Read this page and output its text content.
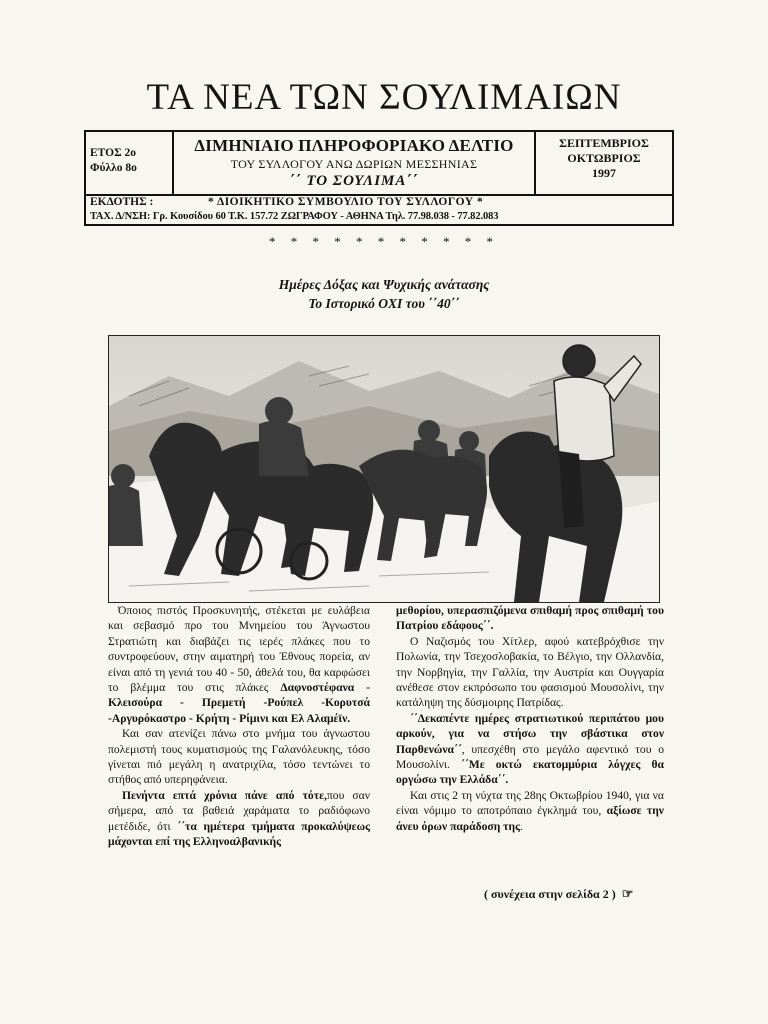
ΤΑ ΝΕΑ ΤΩΝ ΣΟΥΛΙΜΑΙΩΝ
ΕΤΟΣ 2ο
Φύλλο 8ο
ΔΙΜΗΝΙΑΙΟ ΠΛΗΡΟΦΟΡΙΑΚΟ ΔΕΛΤΙΟ
ΤΟΥ ΣΥΛΛΟΓΟΥ ΑΝΩ ΔΩΡΙΩΝ ΜΕΣΣΗΝΙΑΣ
΄΄ ΤΟ ΣΟΥΛΙΜΑ΄΄
ΣΕΠΤΕΜΒΡΙΟΣ
ΟΚΤΩΒΡΙΟΣ
1997
ΕΚΔΟΤΗΣ :	* ΔΙΟΙΚΗΤΙΚΟ ΣΥΜΒΟΥΛΙΟ ΤΟΥ ΣΥΛΛΟΓΟΥ *
ΤΑΧ. Δ/ΝΣΗ: Γρ. Κουσίδου 60 Τ.Κ. 157.72 ΖΩΓΡΑΦΟΥ - ΑΘΗΝΑ Τηλ. 77.98.038 - 77.82.083
* * * * * * * * * * *
Ημέρες Δόξας και Ψυχικής ανάτασης
Το Ιστορικό ΟΧΙ του ΄΄40΄΄

Όποιος πιστός Προσκυνητής, στέκεται με ευλάβεια και σεβασμό προ του Μνημείου του Άγνωστου Στρατιώτη και διαβάζει τις ιερές πλάκες που το συντροφεύουν, στην αιματηρή του Έθνους πορεία, αν είναι από τη γενιά του 40 - 50, άθελά του, θα καρφώσει το βλέμμα του στις πλάκες Δαφνοστέφανα - Κλεισούρα - Πρεμετή -Ρούπελ -Κορυτσά -Αργυρόκαστρο - Κρήτη - Ρίμινι και Ελ Αλαμέϊν.

Και σαν ατενίζει πάνω στο μνήμα του άγνωστου πολεμιστή τους κυματισμούς της Γαλανόλευκης, τόσο γίνεται πιό μεγάλη η ανατριχίλα, τόσο τεντώνει το στήθος από υπερηφάνεια.

Πενήντα επτά χρόνια πάνε από τότε,που σαν σήμερα, από τα βαθειά χαράματα το ραδιόφωνο μετέδιδε, ότι ΄΄τα ημέτερα τμήματα προκαλύψεως μάχονται επί της Ελληνοαλβανικής

μεθορίου, υπερασπιζόμενα σπιθαμή προς σπιθαμή του Πατρίου εδάφους΄΄.

Ο Ναζισμός του Χίτλερ, αφού κατεβρόχθισε την Πολωνία, την Τσεχοσλοβακία, το Βέλγιο, την Ολλανδία, την Νορβηγία, την Γαλλία, την Αυστρία και Ουγγαρία ανέθεσε στον εκπρόσωπο του φασισμού Μουσολίνι, την κατάληψη της δύσμοιρης Πατρίδας.

΄΄Δεκαπέντε ημέρες στρατιωτικού περιπάτου μου αρκούν, για να στήσω την σβάστικα στον Παρθενώνα΄΄, υπεσχέθη στο μεγάλο αφεντικό του ο Μουσολίνι. ΄΄Με οκτώ εκατομμύρια λόγχες θα οργώσω την Ελλάδα΄΄.

Και στις 2 τη νύχτα της 28ης Οκτωβρίου 1940, για να είναι νόμιμο το αποτρόπαιο έγκλημά του, αξίωσε την άνευ όρων παράδοση της.

( συνέχεια στην σελίδα 2 ) ☞
